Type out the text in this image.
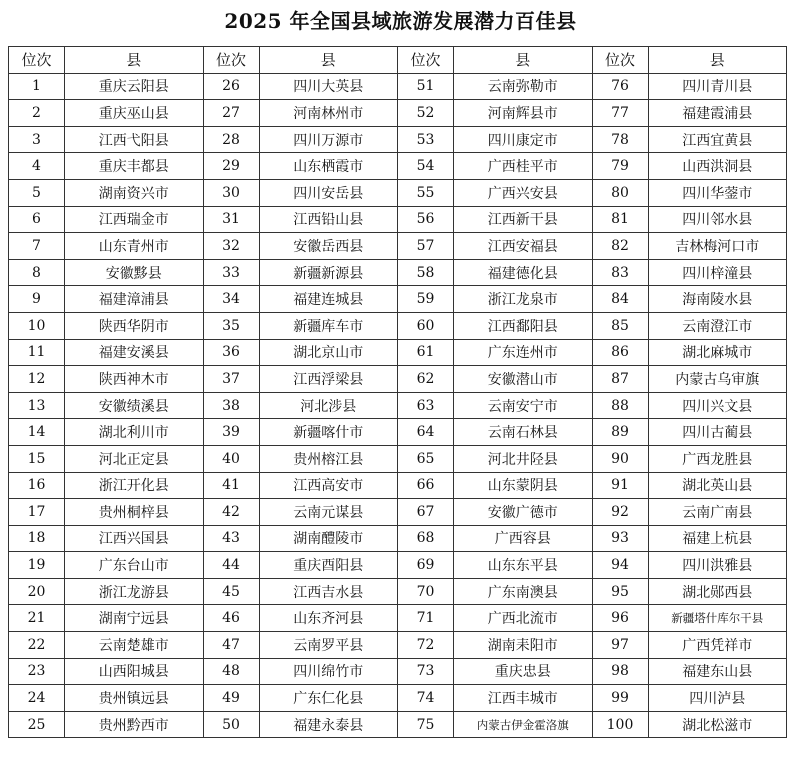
2025 年全国县域旅游发展潜力百佳县
位次	县	位次	县	位次	县	位次	县
1	重庆云阳县	26	四川大英县	51	云南弥勒市	76	四川青川县
2	重庆巫山县	27	河南林州市	52	河南辉县市	77	福建霞浦县
3	江西弋阳县	28	四川万源市	53	四川康定市	78	江西宜黄县
4	重庆丰都县	29	山东栖霞市	54	广西桂平市	79	山西洪洞县
5	湖南资兴市	30	四川安岳县	55	广西兴安县	80	四川华蓥市
6	江西瑞金市	31	江西铅山县	56	江西新干县	81	四川邻水县
7	山东青州市	32	安徽岳西县	57	江西安福县	82	吉林梅河口市
8	安徽黟县	33	新疆新源县	58	福建德化县	83	四川梓潼县
9	福建漳浦县	34	福建连城县	59	浙江龙泉市	84	海南陵水县
10	陕西华阴市	35	新疆库车市	60	江西鄱阳县	85	云南澄江市
11	福建安溪县	36	湖北京山市	61	广东连州市	86	湖北麻城市
12	陕西神木市	37	江西浮梁县	62	安徽潜山市	87	内蒙古乌审旗
13	安徽绩溪县	38	河北涉县	63	云南安宁市	88	四川兴文县
14	湖北利川市	39	新疆喀什市	64	云南石林县	89	四川古蔺县
15	河北正定县	40	贵州榕江县	65	河北井陉县	90	广西龙胜县
16	浙江开化县	41	江西高安市	66	山东蒙阴县	91	湖北英山县
17	贵州桐梓县	42	云南元谋县	67	安徽广德市	92	云南广南县
18	江西兴国县	43	湖南醴陵市	68	广西容县	93	福建上杭县
19	广东台山市	44	重庆酉阳县	69	山东东平县	94	四川洪雅县
20	浙江龙游县	45	江西吉水县	70	广东南澳县	95	湖北郧西县
21	湖南宁远县	46	山东齐河县	71	广西北流市	96	新疆塔什库尔干县
22	云南楚雄市	47	云南罗平县	72	湖南耒阳市	97	广西凭祥市
23	山西阳城县	48	四川绵竹市	73	重庆忠县	98	福建东山县
24	贵州镇远县	49	广东仁化县	74	江西丰城市	99	四川泸县
25	贵州黔西市	50	福建永泰县	75	内蒙古伊金霍洛旗	100	湖北松滋市
